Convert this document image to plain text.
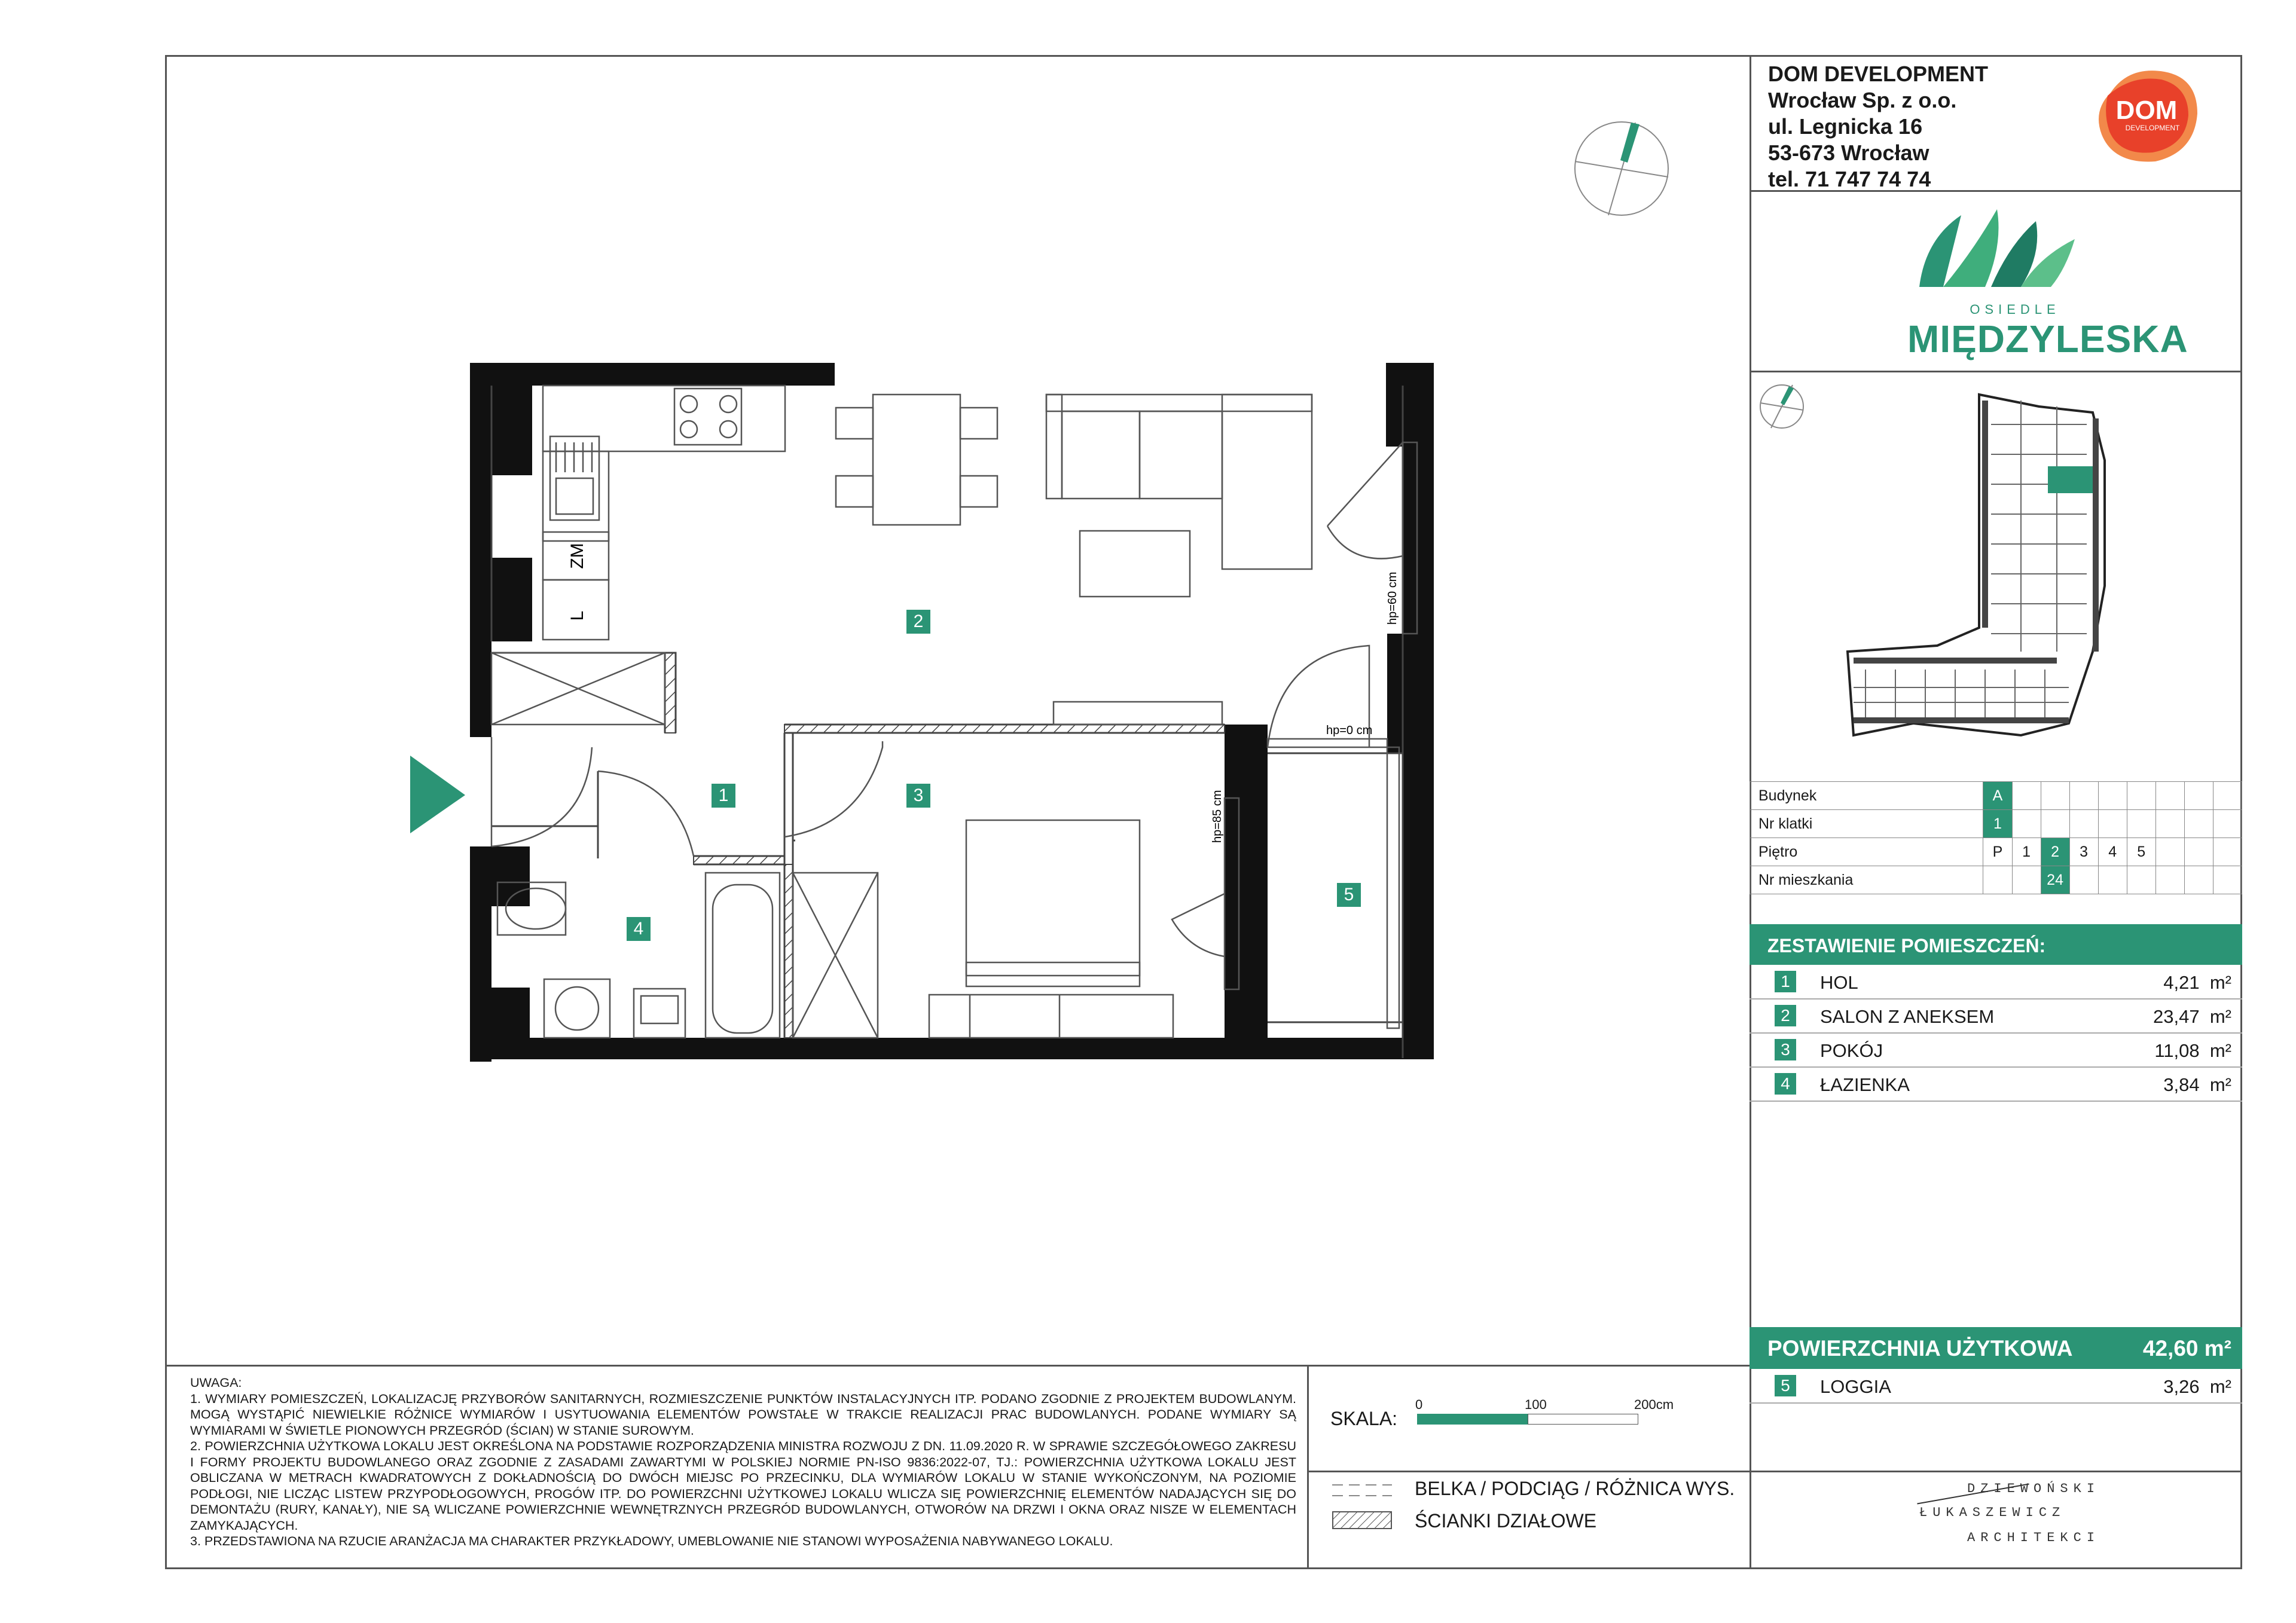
DOM DEVELOPMENT
Wrocław Sp. z o.o.
ul. Legnicka 16
53-673 Wrocław
tel. 71 747 74 74
DOM
DEVELOPMENT
OSIEDLE
MIĘDZYLESKA
Budynek	A								
Nr klatki	1								
Piętro	P	1	2	3	4	5			
Nr mieszkania			24						
ZESTAWIENIE POMIESZCZEŃ:
1	HOL	4,21 m²
2	SALON Z ANEKSEM	23,47 m²
3	POKÓJ	11,08 m²
4	ŁAZIENKA	3,84 m²
POWIERZCHNIA UŻYTKOWA	42,60 m²
5	LOGGIA	3,26 m²

UWAGA:

1. WYMIARY POMIESZCZEŃ, LOKALIZACJĘ PRZYBORÓW SANITARNYCH, ROZMIESZCZENIE PUNKTÓW INSTALACYJNYCH ITP. PODANO ZGODNIE Z PROJEKTEM BUDOWLANYM. MOGĄ WYSTĄPIĆ NIEWIELKIE RÓŻNICE WYMIARÓW I USYTUOWANIA ELEMENTÓW POWSTAŁE W TRAKCIE REALIZACJI PRAC BUDOWLANYCH. PODANE WYMIARY SĄ WYMIARAMI W ŚWIETLE PIONOWYCH PRZEGRÓD (ŚCIAN) W STANIE SUROWYM.

2. POWIERZCHNIA UŻYTKOWA LOKALU JEST OKREŚLONA NA PODSTAWIE ROZPORZĄDZENIA MINISTRA ROZWOJU Z DN. 11.09.2020 R. W SPRAWIE SZCZEGÓŁOWEGO ZAKRESU I FORMY PROJEKTU BUDOWLANEGO ORAZ ZGODNIE Z ZASADAMI ZAWARTYMI W POLSKIEJ NORMIE PN-ISO 9836:2022-07, TJ.: POWIERZCHNIA UŻYTKOWA LOKALU JEST OBLICZANA W METRACH KWADRATOWYCH Z DOKŁADNOŚCIĄ DO DWÓCH MIEJSC PO PRZECINKU, DLA WYMIARÓW LOKALU W STANIE WYKOŃCZONYM, NA POZIOMIE PODŁOGI, NIE LICZĄC LISTEW PRZYPODŁOGOWYCH, PROGÓW ITP. DO POWIERZCHNI UŻYTKOWEJ LOKALU WLICZA SIĘ POWIERZCHNIĘ ELEMENTÓW NADAJĄCYCH SIĘ DO DEMONTAŻU (RURY, KANAŁY), NIE SĄ WLICZANE POWIERZCHNIE WEWNĘTRZNYCH PRZEGRÓD BUDOWLANYCH, OTWORÓW NA DRZWI I OKNA ORAZ NISZE W ELEMENTACH ZAMYKAJĄCYCH.

3. PRZEDSTAWIONA NA RZUCIE ARANŻACJA MA CHARAKTER PRZYKŁADOWY, UMEBLOWANIE NIE STANOWI WYPOSAŻENIA NABYWANEGO LOKALU.

SKALA:
0	100	200cm
BELKA / PODCIĄG / RÓŻNICA WYS.
ŚCIANKI DZIAŁOWE
DZIEWOŃSKI
ŁUKASZEWICZ
ARCHITEKCI
ZM
L	hp=60 cm
hp=0 cm
hp=85 cm
1
2
3
4
5
